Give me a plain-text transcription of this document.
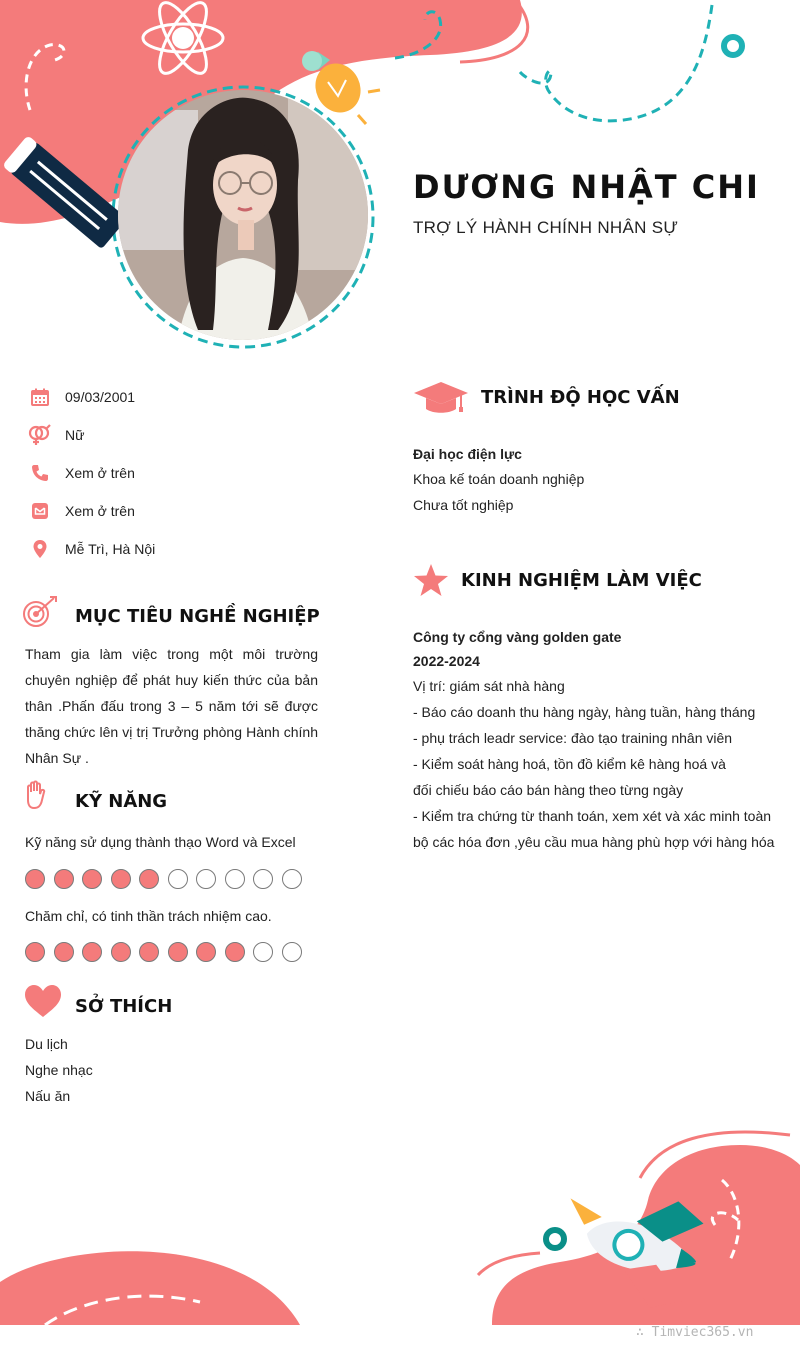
DƯƠNG NHẬT CHI
TRỢ LÝ HÀNH CHÍNH NHÂN SỰ
09/03/2001
Nữ
Xem ở trên
Xem ở trên
Mễ Trì, Hà Nội
MỤC TIÊU NGHỀ NGHIỆP
Tham gia làm việc trong một môi trường chuyên nghiệp để phát huy kiến thức của bản thân .Phấn đấu trong 3 – 5 năm tới sẽ được thăng chức lên vị trị Trưởng phòng Hành chính Nhân Sự .
KỸ NĂNG
Kỹ năng sử dụng thành thạo Word và Excel
Chăm chỉ, có tinh thần trách nhiệm cao.
SỞ THÍCH
Du lịch
Nghe nhạc
Nấu ăn
TRÌNH ĐỘ HỌC VẤN
Đại học điện lực
Khoa kế toán doanh nghiệp
Chưa tốt nghiệp
KINH NGHIỆM LÀM VIỆC
Công ty cổng vàng golden gate
2022-2024
Vị trí: giám sát nhà hàng
- Báo cáo doanh thu hàng ngày, hàng tuần, hàng tháng
- phụ trách leadr service: đào tạo training nhân viên
- Kiểm soát hàng hoá, tồn đồ kiểm kê hàng hoá và
đối chiếu báo cáo bán hàng theo từng ngày
- Kiểm tra chứng từ thanh toán, xem xét và xác minh toàn
bộ các hóa đơn ,yêu cầu mua hàng phù hợp với hàng hóa
∴ Timviec365.vn
